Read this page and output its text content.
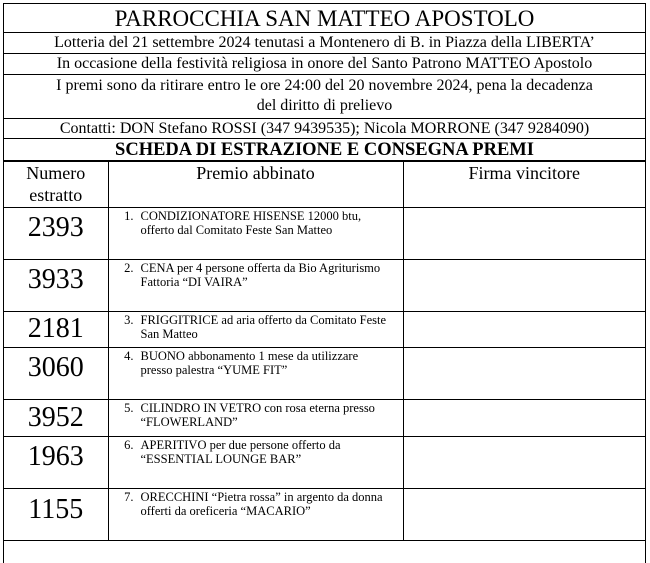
PARROCCHIA SAN MATTEO APOSTOLO
Lotteria del 21 settembre 2024 tenutasi a Montenero di B. in Piazza della LIBERTA’
In occasione della festività religiosa in onore del Santo Patrono MATTEO Apostolo
I premi sono da ritirare entro le ore 24:00 del 20 novembre 2024, pena la decadenza
del diritto di prelievo
Contatti: DON Stefano ROSSI (347 9439535); Nicola MORRONE (347 9284090)
SCHEDA DI ESTRAZIONE E CONSEGNA PREMI
Numero
estratto	Premio abbinato	Firma vincitore
2393	1. CONDIZIONATORE HISENSE 12000 btu, offerto dal Comitato Feste San Matteo	

3933	2. CENA per 4 persone offerta da Bio Agriturismo Fattoria “DI VAIRA”	

2181	3. FRIGGITRICE ad aria offerto da Comitato Feste San Matteo	

3060	4. BUONO abbonamento 1 mese da utilizzare presso palestra “YUME FIT”	

3952	5. CILINDRO IN VETRO con rosa eterna presso “FLOWERLAND”	

1963	6. APERITIVO per due persone offerto da “ESSENTIAL LOUNGE BAR”	

1155	7. ORECCHINI “Pietra rossa” in argento da donna offerti da oreficeria “MACARIO”	
